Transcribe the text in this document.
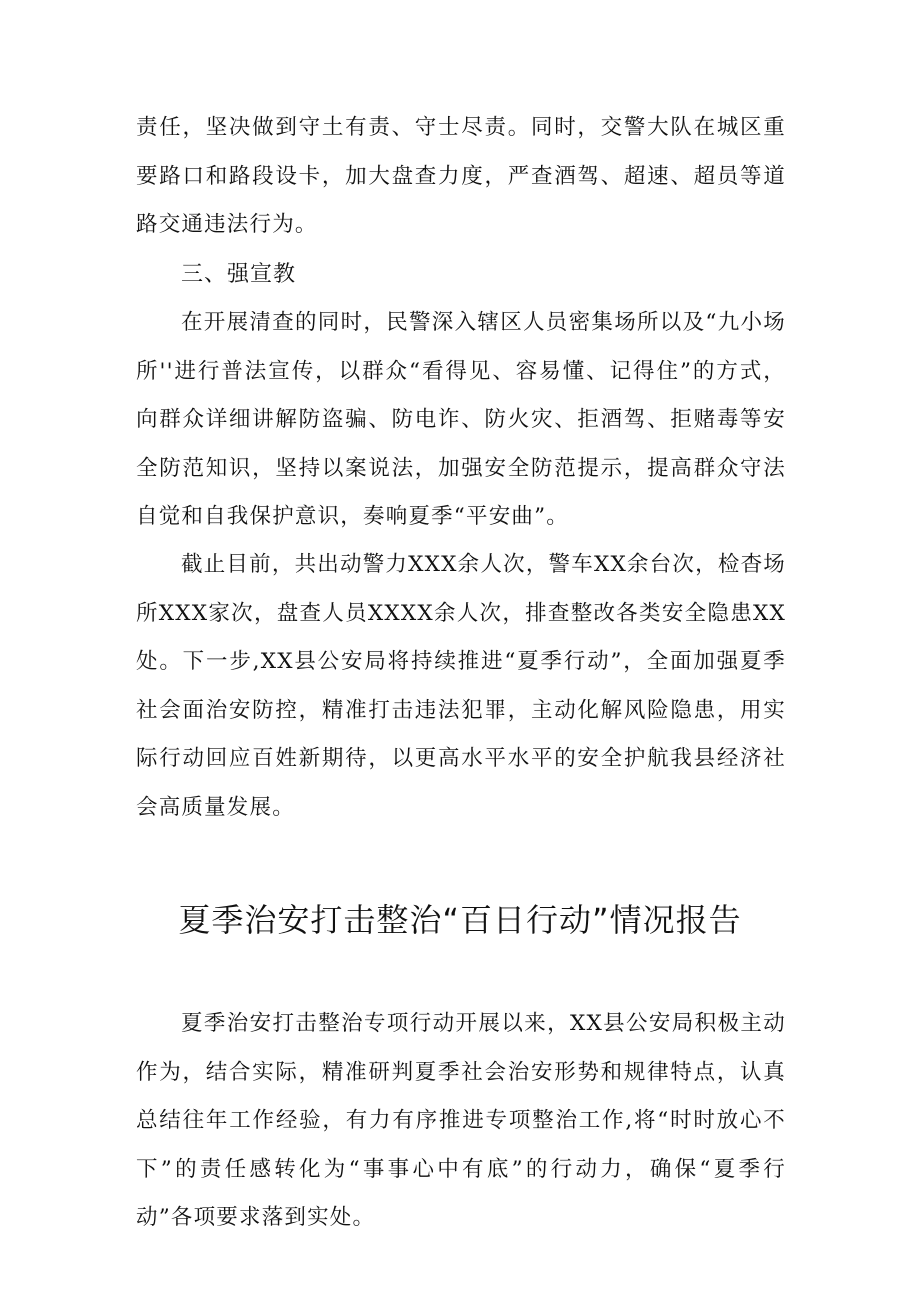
责任，坚决做到守土有责、守士尽责。同时，交警大队在城区重要路口和路段设卡，加大盘查力度，严查酒驾、超速、超员等道路交通违法行为。

三、强宣教

在开展清查的同时，民警深入辖区人员密集场所以及“九小场所''进行普法宣传，以群众“看得见、容易懂、记得住”的方式，向群众详细讲解防盗骗、防电诈、防火灾、拒酒驾、拒赌毒等安全防范知识，坚持以案说法，加强安全防范提示，提高群众守法自觉和自我保护意识，奏响夏季“平安曲”。

截止目前，共出动警力XXX余人次，警车XX余台次，检杳场所XXX家次，盘查人员XXXX余人次，排查整改各类安全隐患XX处。下一步,XX县公安局将持续推进“夏季行动”，全面加强夏季社会面治安防控，精准打击违法犯罪，主动化解风险隐患，用实际行动回应百姓新期待，以更高水平水平的安全护航我县经济社会高质量发展。

夏季治安打击整治“百日行动”情况报告

夏季治安打击整治专项行动开展以来，XX县公安局积极主动作为，结合实际，精准研判夏季社会治安形势和规律特点，认真总结往年工作经验，有力有序推进专项整治工作,将“时时放心不下”的责任感转化为“事事心中有底”的行动力，确保“夏季行动”各项要求落到实处。
